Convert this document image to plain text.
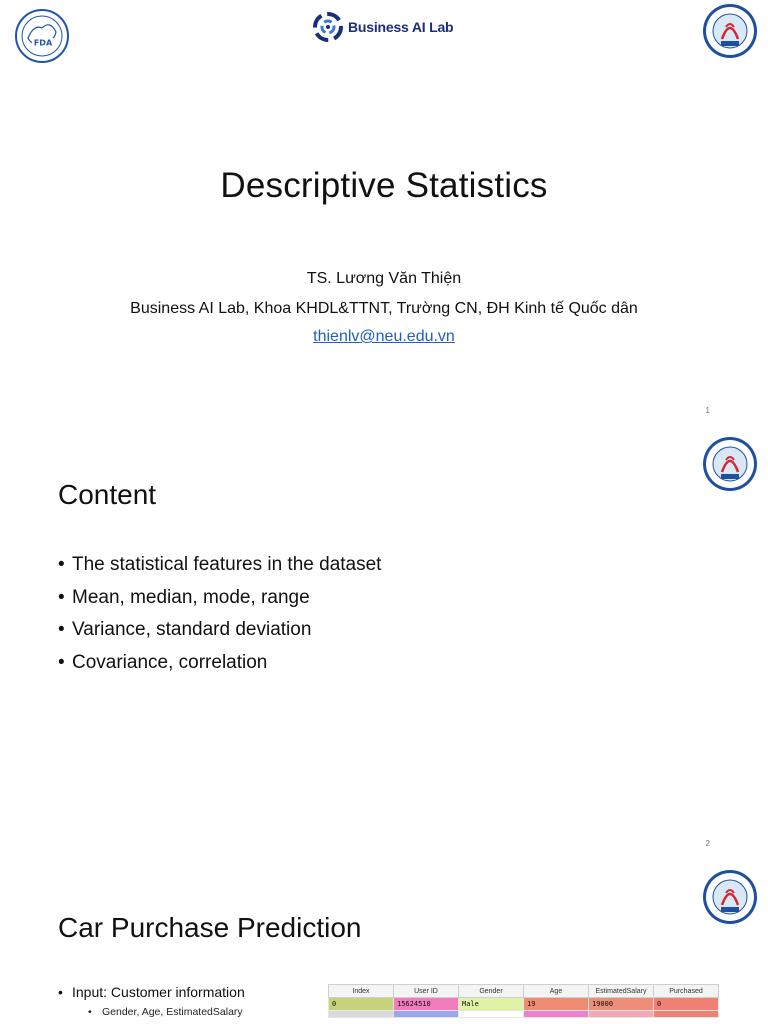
FDA
Business AI Lab
Descriptive Statistics
TS. Lương Văn Thiện
Business AI Lab, Khoa KHDL&TTNT, Trường CN, ĐH Kinh tế Quốc dân
thienlv@neu.edu.vn
1
Content
• The statistical features in the dataset
• Mean, median, mode, range
• Variance, standard deviation
• Covariance, correlation
2
Car Purchase Prediction
• Input: Customer information
• Gender, Age, EstimatedSalary
Index	User ID	Gender	Age	EstimatedSalary	Purchased
0	15624510	Male	19	19000	0
